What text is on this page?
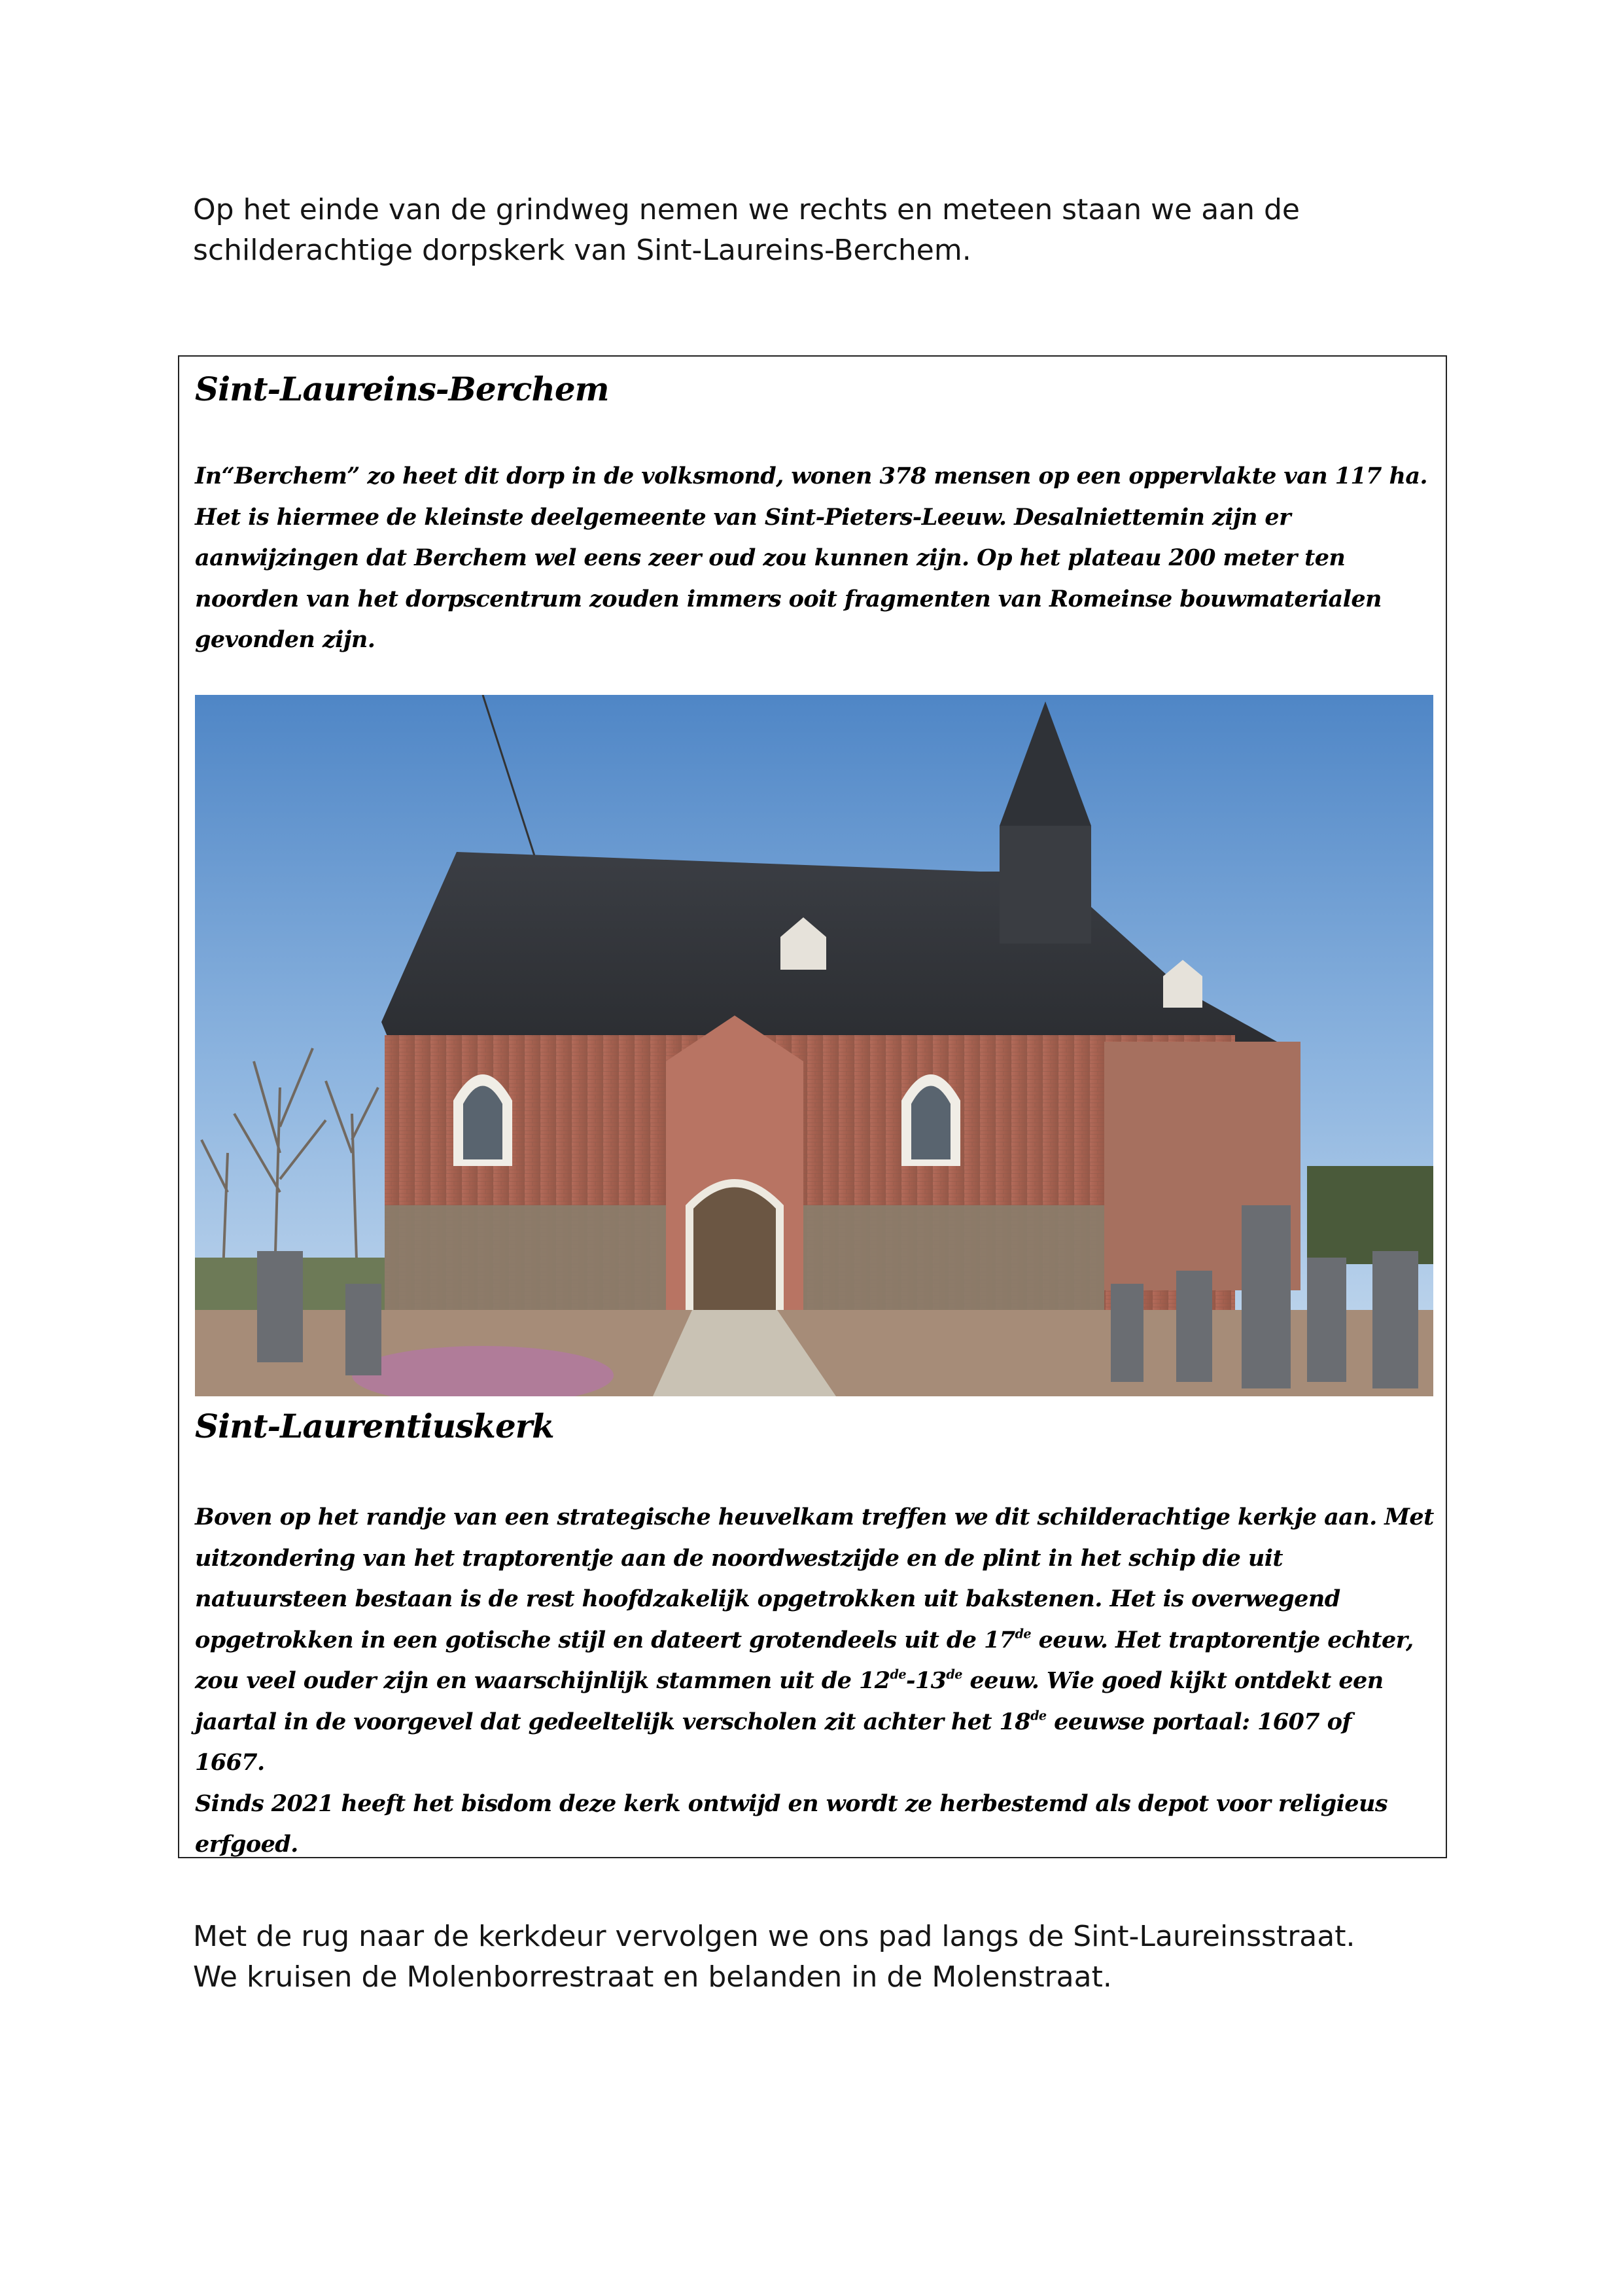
Op het einde van de grindweg nemen we rechts en meteen staan we aan de
schilderachtige dorpskerk van Sint-Laureins-Berchem.

Sint-Laureins-Berchem
In“Berchem” zo heet dit dorp in de volksmond, wonen 378 mensen op een oppervlakte van 117 ha.
Het is hiermee de kleinste deelgemeente van Sint-Pieters-Leeuw. Desalniettemin zijn er
aanwijzingen dat Berchem wel eens zeer oud zou kunnen zijn. Op het plateau 200 meter ten
noorden van het dorpscentrum zouden immers ooit fragmenten van Romeinse bouwmaterialen
gevonden zijn.
Sint-Laurentiuskerk
Boven op het randje van een strategische heuvelkam treffen we dit schilderachtige kerkje aan. Met
uitzondering van het traptorentje aan de noordwestzijde en de plint in het schip die uit
natuursteen bestaan is de rest hoofdzakelijk opgetrokken uit bakstenen. Het is overwegend
opgetrokken in een gotische stijl en dateert grotendeels uit de 17de eeuw. Het traptorentje echter,
zou veel ouder zijn en waarschijnlijk stammen uit de 12de-13de eeuw. Wie goed kijkt ontdekt een
jaartal in de voorgevel dat gedeeltelijk verscholen zit achter het 18de eeuwse portaal: 1607 of
1667.
Sinds 2021 heeft het bisdom deze kerk ontwijd en wordt ze herbestemd als depot voor religieus
erfgoed.

Met de rug naar de kerkdeur vervolgen we ons pad langs de Sint-Laureinsstraat.
We kruisen de Molenborrestraat en belanden in de Molenstraat.
